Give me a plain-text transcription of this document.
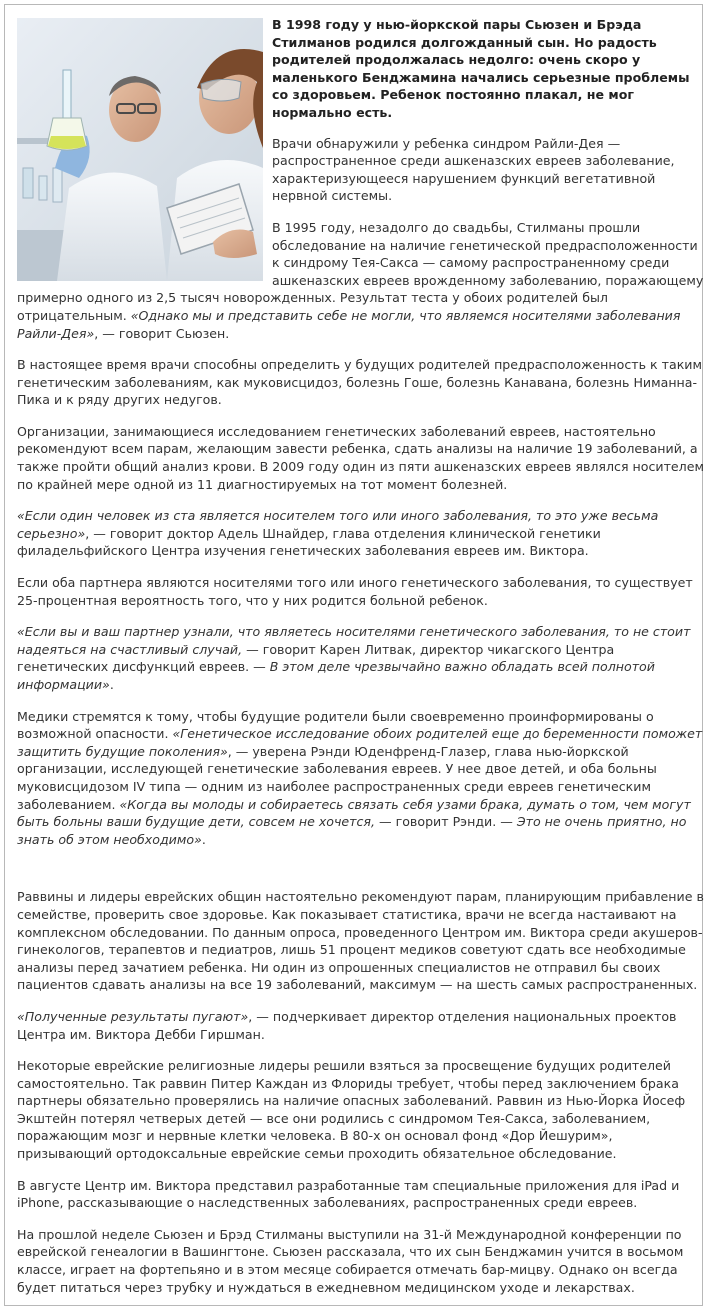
В 1998 году у нью-йоркской пары Сьюзен и Брэда Стилманов родился долгожданный сын. Но радость родителей продолжалась недолго: очень скоро у маленького Бенджамина начались серьезные проблемы со здоровьем. Ребенок постоянно плакал, не мог нормально есть.

Врачи обнаружили у ребенка синдром Райли-Дея — распространенное среди ашкеназских евреев заболевание, характеризующееся нарушением функций вегетативной нервной системы.

В 1995 году, незадолго до свадьбы, Стилманы прошли обследование на наличие генетической предрасположенности к синдрому Тея-Сакса — самому распространенному среди ашкеназских евреев врожденному заболеванию, поражающему примерно одного из 2,5 тысяч новорожденных. Результат теста у обоих родителей был отрицательным. «Однако мы и представить себе не могли, что являемся носителями заболевания Райли-Дея», — говорит Сьюзен.

В настоящее время врачи способны определить у будущих родителей предрасположенность к таким генетическим заболеваниям, как муковисцидоз, болезнь Гоше, болезнь Канавана, болезнь Ниманна-Пика и к ряду других недугов.

Организации, занимающиеся исследованием генетических заболеваний евреев, настоятельно рекомендуют всем парам, желающим завести ребенка, сдать анализы на наличие 19 заболеваний, а также пройти общий анализ крови. В 2009 году один из пяти ашкеназских евреев являлся носителем по крайней мере одной из 11 диагностируемых на тот момент болезней.

«Если один человек из ста является носителем того или иного заболевания, то это уже весьма серьезно», — говорит доктор Адель Шнайдер, глава отделения клинической генетики филадельфийского Центра изучения генетических заболевания евреев им. Виктора.

Если оба партнера являются носителями того или иного генетического заболевания, то существует 25-процентная вероятность того, что у них родится больной ребенок.

«Если вы и ваш партнер узнали, что являетесь носителями генетического заболевания, то не стоит надеяться на счастливый случай, — говорит Карен Литвак, директор чикагского Центра генетических дисфункций евреев. — В этом деле чрезвычайно важно обладать всей полнотой информации».

Медики стремятся к тому, чтобы будущие родители были своевременно проинформированы о возможной опасности. «Генетическое исследование обоих родителей еще до беременности поможет защитить будущие поколения», — уверена Рэнди Юденфренд-Глазер, глава нью-йоркской организации, исследующей генетические заболевания евреев. У нее двое детей, и оба больны муковисцидозом IV типа — одним из наиболее распространенных среди евреев генетическим заболеванием. «Когда вы молоды и собираетесь связать себя узами брака, думать о том, чем могут быть больны ваши будущие дети, совсем не хочется, — говорит Рэнди. — Это не очень приятно, но знать об этом необходимо».

Раввины и лидеры еврейских общин настоятельно рекомендуют парам, планирующим прибавление в семействе, проверить свое здоровье. Как показывает статистика, врачи не всегда настаивают на комплексном обследовании. По данным опроса, проведенного Центром им. Виктора среди акушеров-гинекологов, терапевтов и педиатров, лишь 51 процент медиков советуют сдать все необходимые анализы перед зачатием ребенка. Ни один из опрошенных специалистов не отправил бы своих пациентов сдавать анализы на все 19 заболеваний, максимум — на шесть самых распространенных.

«Полученные результаты пугают», — подчеркивает директор отделения национальных проектов Центра им. Виктора Дебби Гиршман.

Некоторые еврейские религиозные лидеры решили взяться за просвещение будущих родителей самостоятельно. Так раввин Питер Каждан из Флориды требует, чтобы перед заключением брака партнеры обязательно проверялись на наличие опасных заболеваний. Раввин из Нью-Йорка Йосеф Экштейн потерял четверых детей — все они родились с синдромом Тея-Сакса, заболеванием, поражающим мозг и нервные клетки человека. В 80-х он основал фонд «Дор Йешурим», призывающий ортодоксальные еврейские семьи проходить обязательное обследование.

В августе Центр им. Виктора представил разработанные там специальные приложения для iPad и iPhone, рассказывающие о наследственных заболеваниях, распространенных среди евреев.

На прошлой неделе Сьюзен и Брэд Стилманы выступили на 31-й Международной конференции по еврейской генеалогии в Вашингтоне. Сьюзен рассказала, что их сын Бенджамин учится в восьмом классе, играет на фортепьяно и в этом месяце собирается отмечать бар-мицву. Однако он всегда будет питаться через трубку и нуждаться в ежедневном медицинском уходе и лекарствах.
